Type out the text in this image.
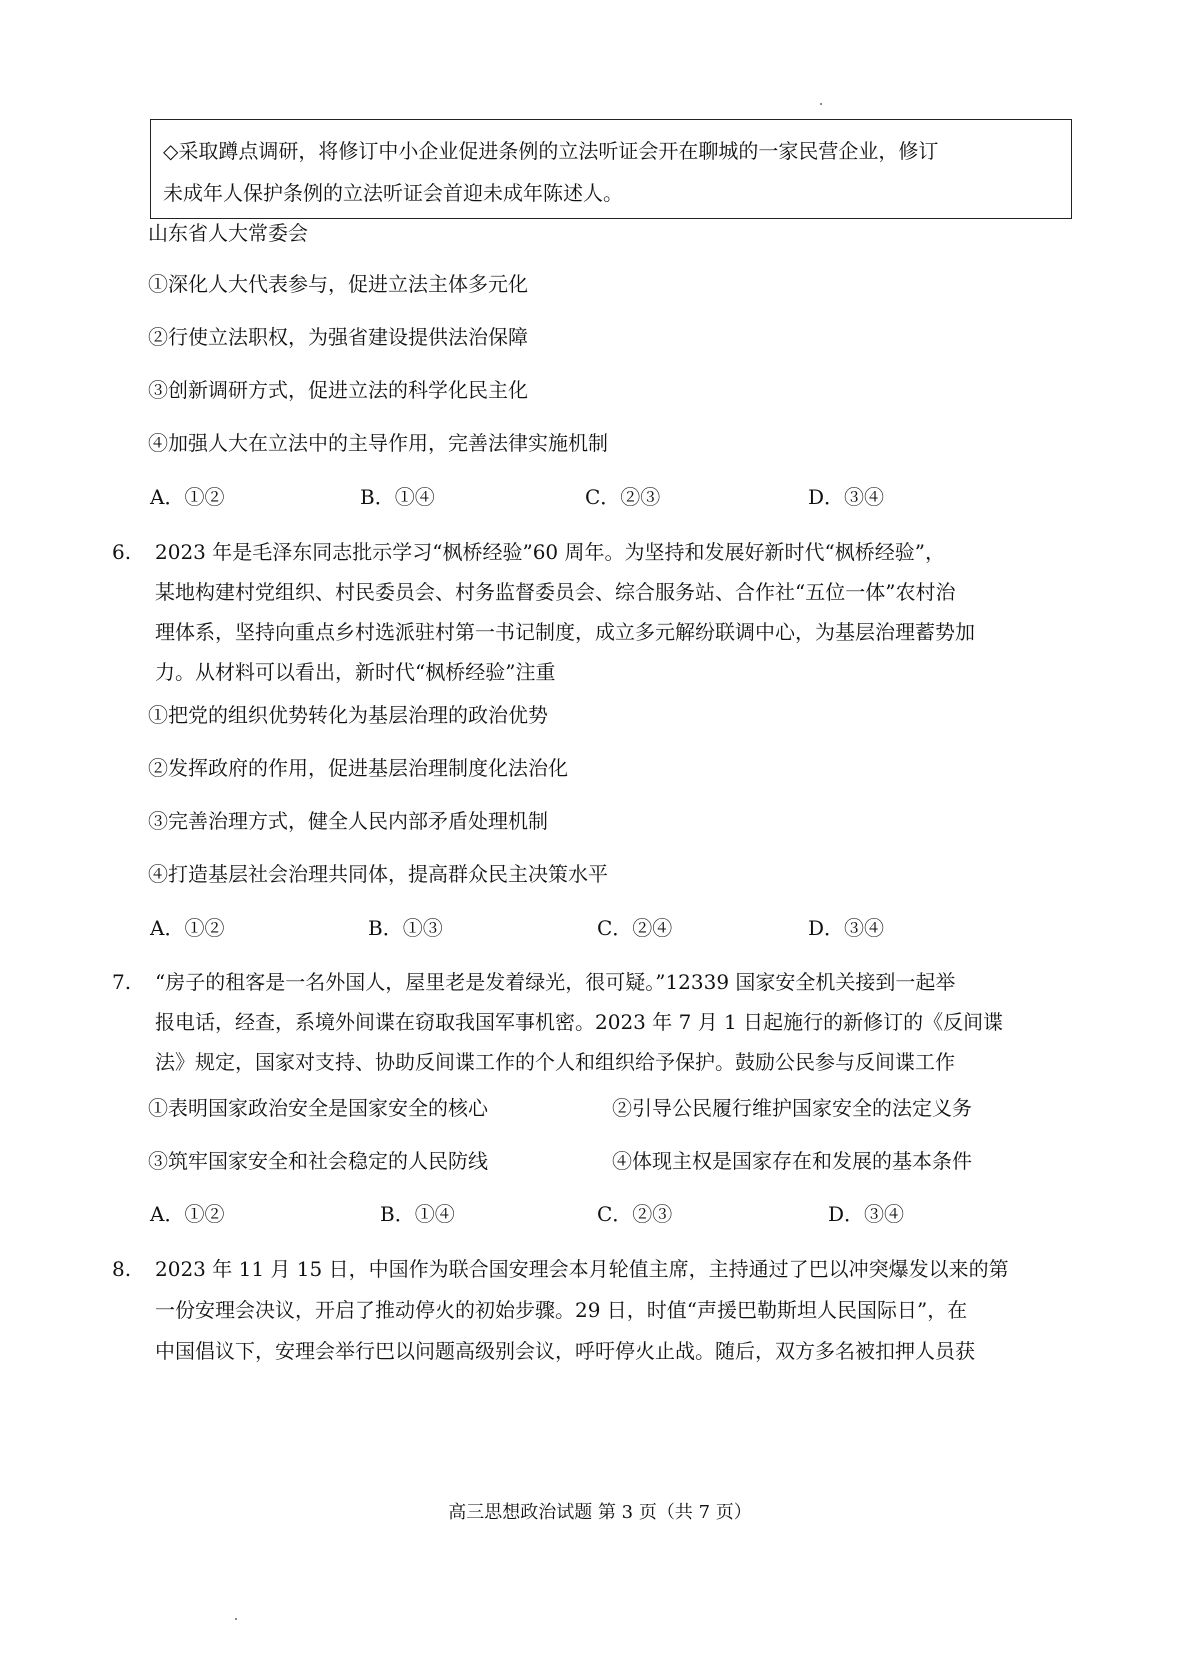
◇采取蹲点调研，将修订中小企业促进条例的立法听证会开在聊城的一家民营企业，修订

未成年人保护条例的立法听证会首迎未成年陈述人。

山东省人大常委会
①深化人大代表参与，促进立法主体多元化
②行使立法职权，为强省建设提供法治保障
③创新调研方式，促进立法的科学化民主化
④加强人大在立法中的主导作用，完善法律实施机制
A．①②	B．①④	C．②③	D．③④
6. 2023 年是毛泽东同志批示学习“枫桥经验”60 周年。为坚持和发展好新时代“枫桥经验”，
某地构建村党组织、村民委员会、村务监督委员会、综合服务站、合作社“五位一体”农村治
理体系，坚持向重点乡村选派驻村第一书记制度，成立多元解纷联调中心，为基层治理蓄势加
力。从材料可以看出，新时代“枫桥经验”注重
①把党的组织优势转化为基层治理的政治优势
②发挥政府的作用，促进基层治理制度化法治化
③完善治理方式，健全人民内部矛盾处理机制
④打造基层社会治理共同体，提高群众民主决策水平
A．①②	B．①③	C．②④	D．③④
7. “房子的租客是一名外国人，屋里老是发着绿光，很可疑。”12339 国家安全机关接到一起举
报电话，经查，系境外间谍在窃取我国军事机密。2023 年 7 月 1 日起施行的新修订的《反间谍
法》规定，国家对支持、协助反间谍工作的个人和组织给予保护。鼓励公民参与反间谍工作
①表明国家政治安全是国家安全的核心	②引导公民履行维护国家安全的法定义务
③筑牢国家安全和社会稳定的人民防线	④体现主权是国家存在和发展的基本条件
A．①②	B．①④	C．②③	D．③④
8. 2023 年 11 月 15 日，中国作为联合国安理会本月轮值主席，主持通过了巴以冲突爆发以来的第
一份安理会决议，开启了推动停火的初始步骤。29 日，时值“声援巴勒斯坦人民国际日”，在
中国倡议下，安理会举行巴以问题高级别会议，呼吁停火止战。随后，双方多名被扣押人员获
高三思想政治试题 第 3 页（共 7 页）
